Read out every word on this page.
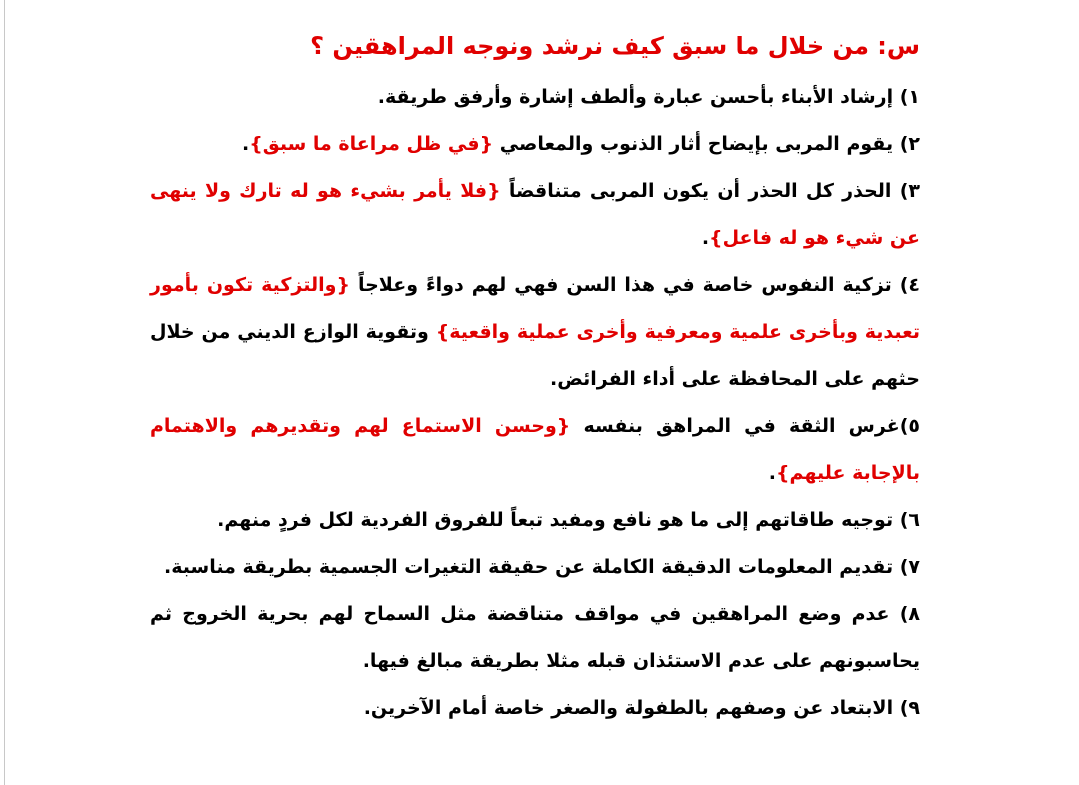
س: من خلال ما سبق كيف نرشد ونوجه المراهقين ؟

١) إرشاد الأبناء بأحسن عبارة وألطف إشارة وأرفق طريقة.

٢) يقوم المربى بإيضاح أثار الذنوب والمعاصي {في ظل مراعاة ما سبق}.

٣) الحذر كل الحذر أن يكون المربى متناقضاً {فلا يأمر بشيء هو له تارك ولا ينهى عن شيء هو له فاعل}.

٤) تزكية النفوس خاصة في هذا السن فهي لهم دواءً وعلاجاً {والتزكية تكون بأمور تعبدية وبأخرى علمية ومعرفية وأخرى عملية واقعية} وتقوية الوازع الديني من خلال حثهم على المحافظة على أداء الفرائض.

٥)غرس الثقة في المراهق بنفسه {وحسن الاستماع لهم وتقديرهم والاهتمام بالإجابة عليهم}.

٦) توجيه طاقاتهم إلى ما هو نافع ومفيد تبعاً للفروق الفردية لكل فردٍ منهم.

٧) تقديم المعلومات الدقيقة الكاملة عن حقيقة التغيرات الجسمية بطريقة مناسبة.

٨) عدم وضع المراهقين في مواقف متناقضة مثل السماح لهم بحرية الخروج ثم يحاسبونهم على عدم الاستئذان قبله مثلا بطريقة مبالغ فيها.

٩) الابتعاد عن وصفهم بالطفولة والصغر خاصة أمام الآخرين.
